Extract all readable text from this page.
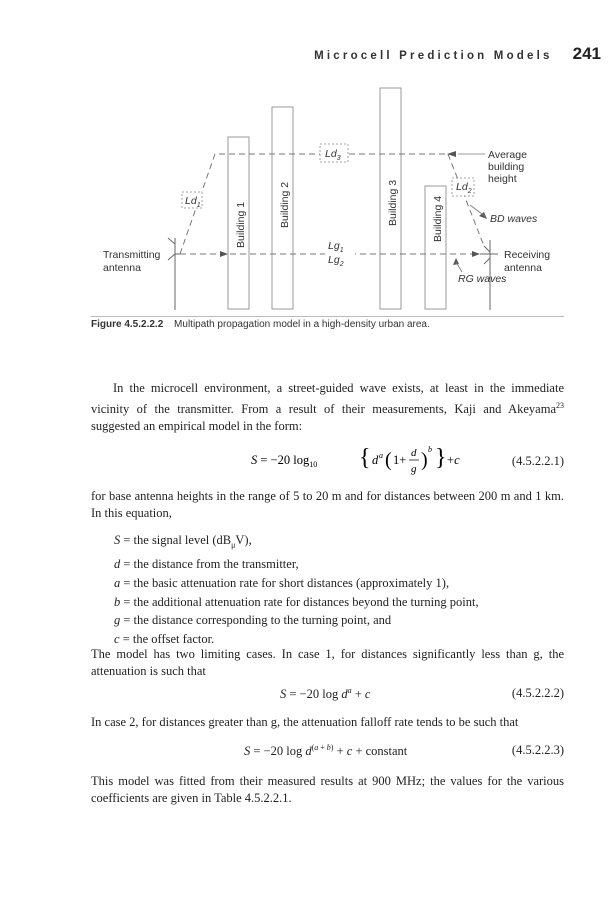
Microcell Prediction Models 241
Transmitting
antenna
Building 1	Building 2	Building 3	Building 4
$Ld_1$
$Ld_3$
$Ld_2$
$Lg_1$
$Lg_2$
Average
building
height
BD waves
Receiving
antenna
RG waves
Figure 4.5.2.2.2 Multipath propagation model in a high-density urban area.
In the microcell environment, a street-guided wave exists, at least in the immediate vicinity of the transmitter. From a result of their measurements, Kaji and Akeyama$^{23}$ suggested an empirical model in the form:
S = −20 $\log_{10}$ { d a ( 1+ d
g ) b } +c	(4.5.2.2.1)
for base antenna heights in the range of 5 to 20 m and for distances between 200 m and 1 km. In this equation,
S = the signal level $(dB_\mu V)$,
d = the distance from the transmitter,
a = the basic attenuation rate for short distances (approximately 1),
b = the additional attenuation rate for distances beyond the turning point,
g = the distance corresponding to the turning point, and
c = the offset factor.
The model has two limiting cases. In case 1, for distances significantly less than g, the attenuation is such that
S = −20 $\log d^a + c$	(4.5.2.2.2)
In case 2, for distances greater than g, the attenuation falloff rate tends to be such that
S = −20 $\log d^{(a + b)} + c$ + constant	(4.5.2.2.3)
This model was fitted from their measured results at 900 MHz; the values for the various coefficients are given in Table 4.5.2.2.1.
